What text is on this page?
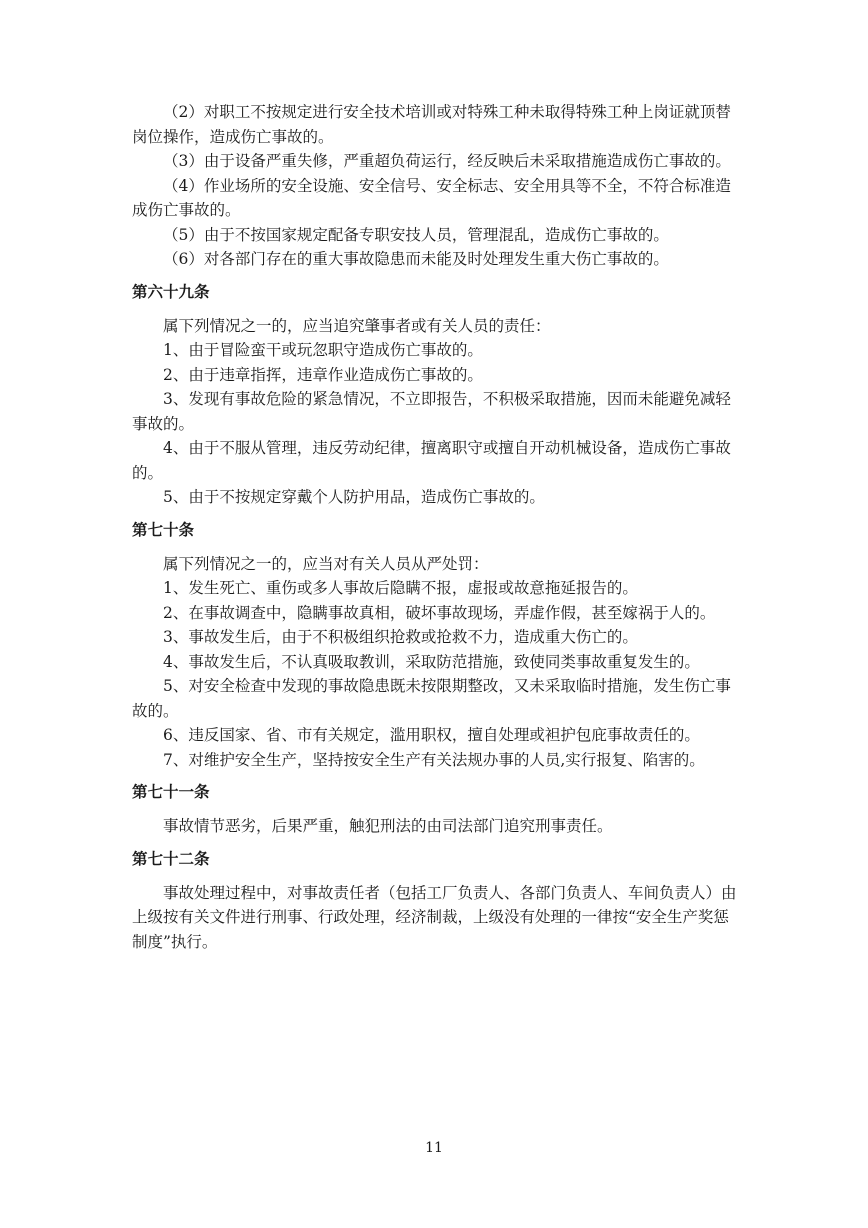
（2）对职工不按规定进行安全技术培训或对特殊工种未取得特殊工种上岗证就顶替岗位操作，造成伤亡事故的。

（3）由于设备严重失修，严重超负荷运行，经反映后未采取措施造成伤亡事故的。

（4）作业场所的安全设施、安全信号、安全标志、安全用具等不全，不符合标准造成伤亡事故的。

（5）由于不按国家规定配备专职安技人员，管理混乱，造成伤亡事故的。

（6）对各部门存在的重大事故隐患而未能及时处理发生重大伤亡事故的。

第六十九条

属下列情况之一的，应当追究肇事者或有关人员的责任：

1、由于冒险蛮干或玩忽职守造成伤亡事故的。

2、由于违章指挥，违章作业造成伤亡事故的。

3、发现有事故危险的紧急情况，不立即报告，不积极采取措施，因而未能避免减轻事故的。

4、由于不服从管理，违反劳动纪律，擅离职守或擅自开动机械设备，造成伤亡事故的。

5、由于不按规定穿戴个人防护用品，造成伤亡事故的。

第七十条

属下列情况之一的，应当对有关人员从严处罚：

1、发生死亡、重伤或多人事故后隐瞒不报，虚报或故意拖延报告的。

2、在事故调查中，隐瞒事故真相，破坏事故现场，弄虚作假，甚至嫁祸于人的。

3、事故发生后，由于不积极组织抢救或抢救不力，造成重大伤亡的。

4、事故发生后，不认真吸取教训，采取防范措施，致使同类事故重复发生的。

5、对安全检查中发现的事故隐患既未按限期整改，又未采取临时措施，发生伤亡事故的。

6、违反国家、省、市有关规定，滥用职权，擅自处理或袒护包庇事故责任的。

7、对维护安全生产，坚持按安全生产有关法规办事的人员,实行报复、陷害的。

第七十一条

事故情节恶劣，后果严重，触犯刑法的由司法部门追究刑事责任。

第七十二条

事故处理过程中，对事故责任者（包括工厂负责人、各部门负责人、车间负责人）由上级按有关文件进行刑事、行政处理，经济制裁，上级没有处理的一律按“安全生产奖惩制度”执行。

11
